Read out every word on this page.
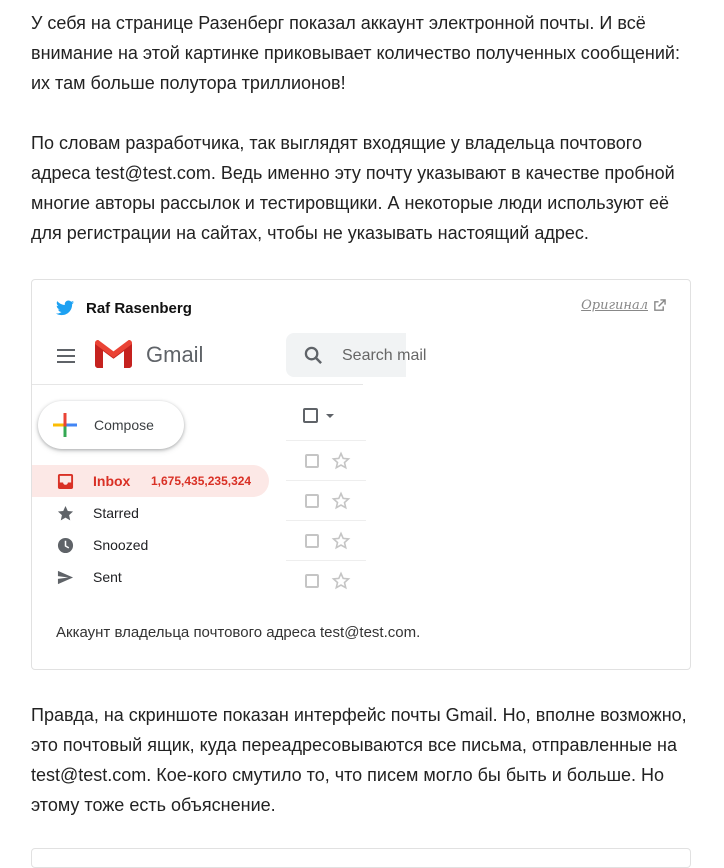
У себя на странице Разенберг показал аккаунт электронной почты. И всё внимание на этой картинке приковывает количество полученных сообщений: их там больше полутора триллионов!
По словам разработчика, так выглядят входящие у владельца почтового адреса test@test.com. Ведь именно эту почту указывают в качестве пробной многие авторы рассылок и тестировщики. А некоторые люди используют её для регистрации на сайтах, чтобы не указывать настоящий адрес.
Raf Rasenberg	Оригинал
Gmail	Search mail
Compose
Inbox 1,675,435,235,324
Starred
Snoozed
Sent
Аккаунт владельца почтового адреса test@test.com.
Правда, на скриншоте показан интерфейс почты Gmail. Но, вполне возможно, это почтовый ящик, куда переадресовываются все письма, отправленные на test@test.com. Кое-кого смутило то, что писем могло бы быть и больше. Но этому тоже есть объяснение.
